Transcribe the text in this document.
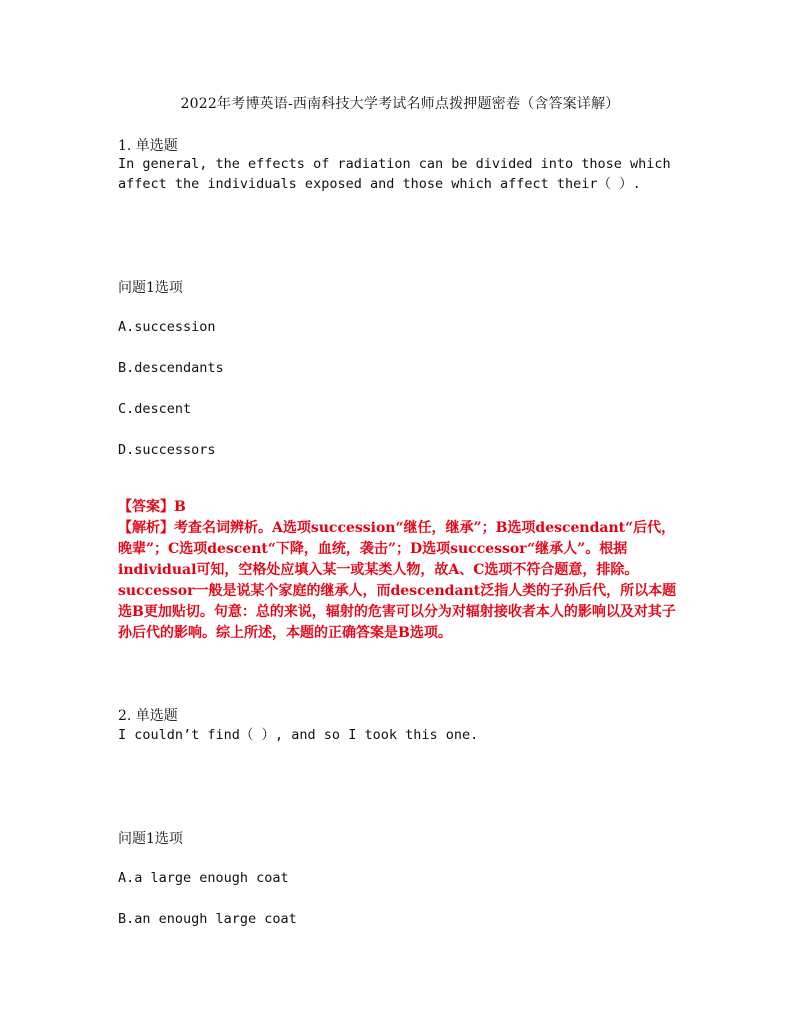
2022年考博英语-西南科技大学考试名师点拨押题密卷（含答案详解）
1. 单选题
In general, the effects of radiation can be divided into those which affect the individuals exposed and those which affect their（ ）.
问题1选项
A.succession
B.descendants
C.descent
D.successors
【答案】B
【解析】考查名词辨析。A选项succession“继任，继承”；B选项descendant“后代，晚辈”；C选项descent“下降，血统，袭击”；D选项successor“继承人”。根据individual可知，空格处应填入某一或某类人物，故A、C选项不符合题意，排除。successor一般是说某个家庭的继承人，而descendant泛指人类的子孙后代，所以本题选B更加贴切。句意：总的来说，辐射的危害可以分为对辐射接收者本人的影响以及对其子孙后代的影响。综上所述，本题的正确答案是B选项。
2. 单选题
I couldn’t find（ ）, and so I took this one.
问题1选项
A.a large enough coat
B.an enough large coat
